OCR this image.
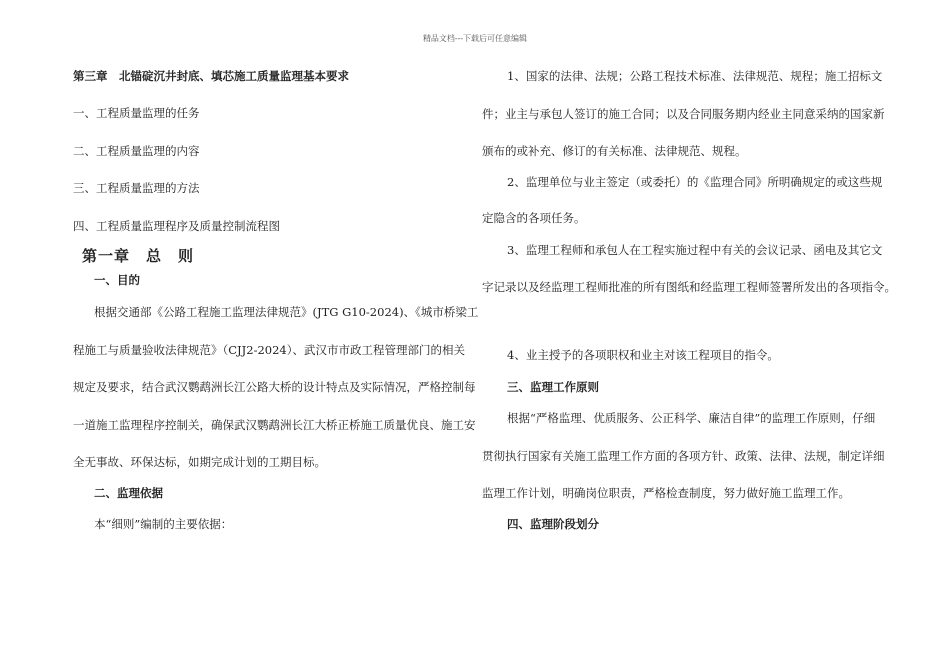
精品文档---下载后可任意编辑
第三章　北锚碇沉井封底、填芯施工质量监理基本要求
一、工程质量监理的任务
二、工程质量监理的内容
三、工程质量监理的方法
四、工程质量监理程序及质量控制流程图
第一章　总　则
一、目的
根据交通部《公路工程施工监理法律规范》(JTG G10-2024)、《城市桥梁工
程施工与质量验收法律规范》（CJJ2-2024）、武汉市市政工程管理部门的相关
规定及要求，结合武汉鹦鹉洲长江公路大桥的设计特点及实际情况，严格控制每
一道施工监理程序控制关，确保武汉鹦鹉洲长江大桥正桥施工质量优良、施工安
全无事故、环保达标，如期完成计划的工期目标。
二、监理依据
本“细则”编制的主要依据：
1、国家的法律、法规；公路工程技术标准、法律规范、规程；施工招标文
件；业主与承包人签订的施工合同；以及合同服务期内经业主同意采纳的国家新
颁布的或补充、修订的有关标准、法律规范、规程。
2、监理单位与业主签定（或委托）的《监理合同》所明确规定的或这些规
定隐含的各项任务。
3、监理工程师和承包人在工程实施过程中有关的会议记录、函电及其它文
字记录以及经监理工程师批准的所有图纸和经监理工程师签署所发出的各项指令。
4、业主授予的各项职权和业主对该工程项目的指令。
三、监理工作原则
根据“严格监理、优质服务、公正科学、廉洁自律”的监理工作原则，仔细
贯彻执行国家有关施工监理工作方面的各项方针、政策、法律、法规，制定详细
监理工作计划，明确岗位职责，严格检查制度，努力做好施工监理工作。
四、监理阶段划分
